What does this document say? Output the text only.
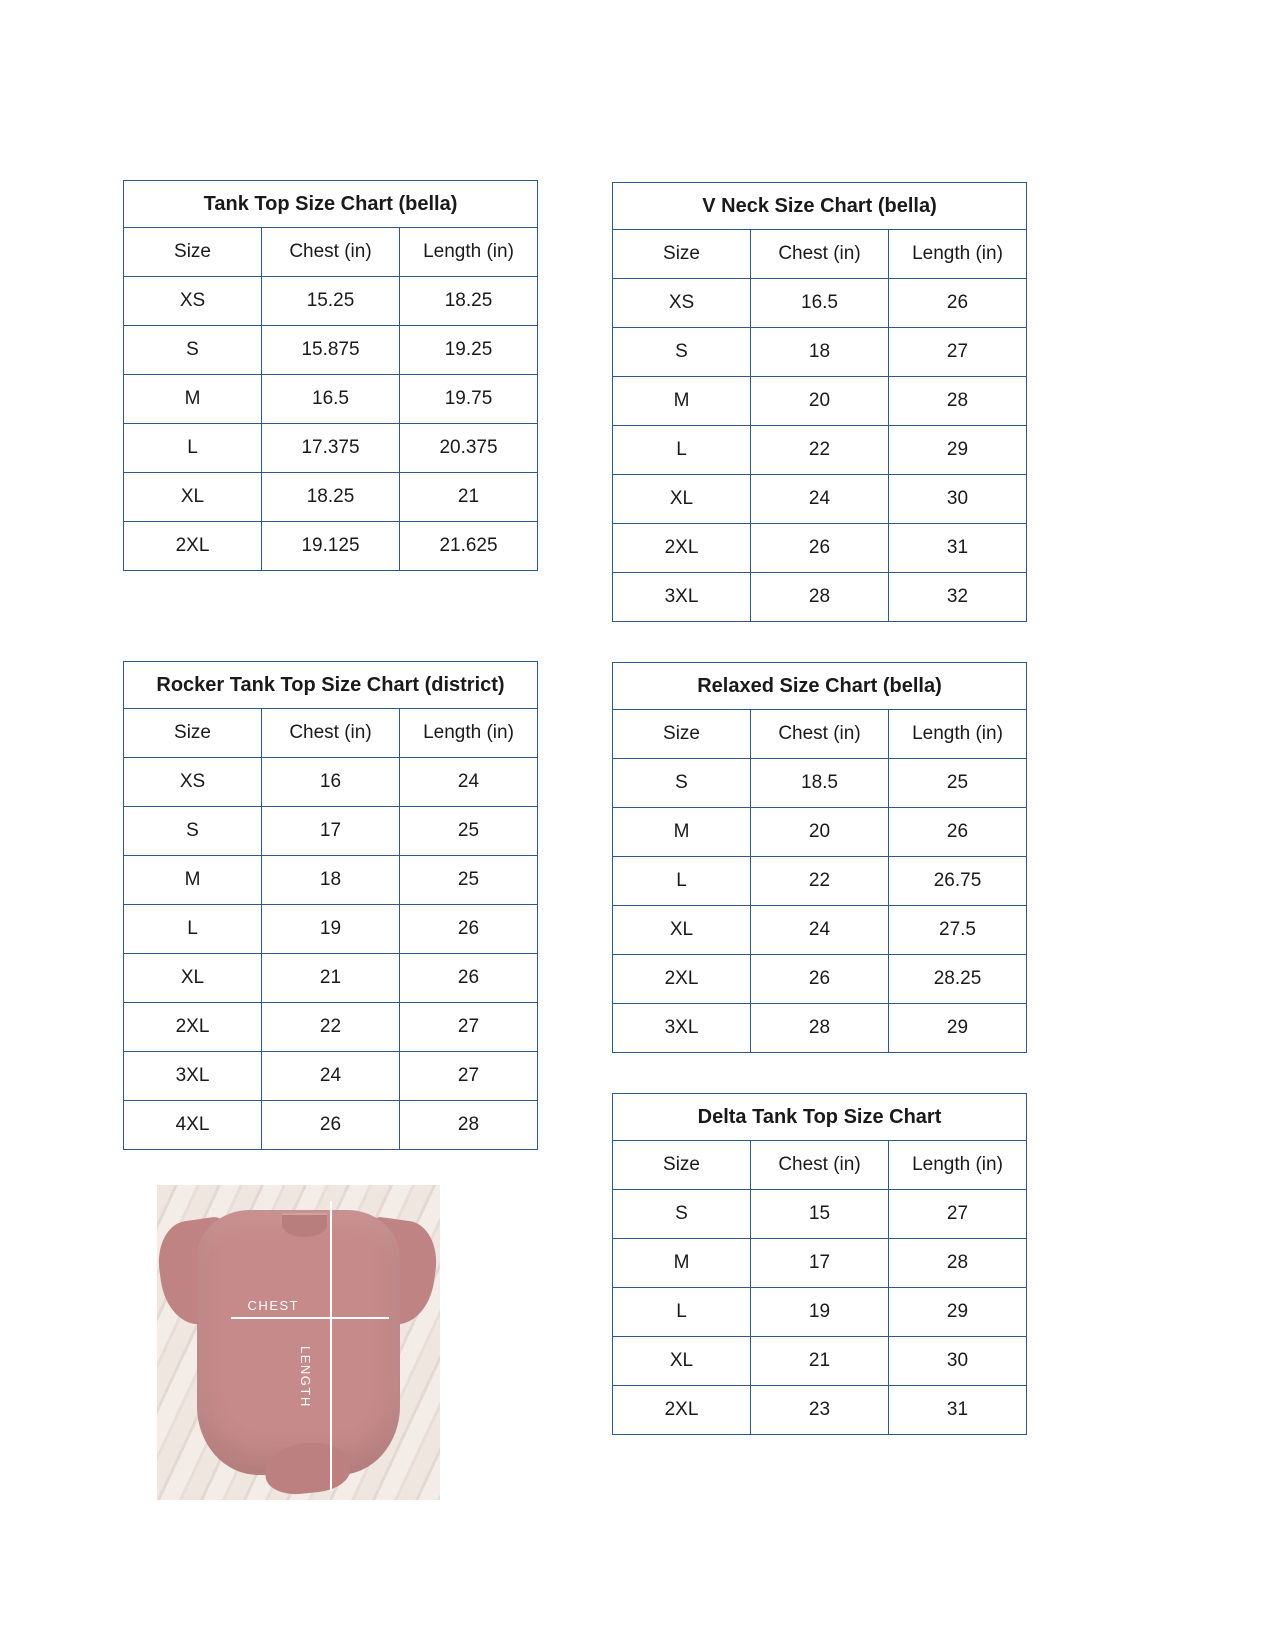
Tank Top Size Chart (bella)		
Size	Chest (in)	Length (in)
XS	15.25	18.25
S	15.875	19.25
M	16.5	19.75
L	17.375	20.375
XL	18.25	21
2XL	19.125	21.625
Rocker Tank Top Size Chart (district)		
Size	Chest (in)	Length (in)
XS	16	24
S	17	25
M	18	25
L	19	26
XL	21	26
2XL	22	27
3XL	24	27
4XL	26	28
V Neck Size Chart (bella)		
Size	Chest (in)	Length (in)
XS	16.5	26
S	18	27
M	20	28
L	22	29
XL	24	30
2XL	26	31
3XL	28	32
Relaxed Size Chart (bella)		
Size	Chest (in)	Length (in)
S	18.5	25
M	20	26
L	22	26.75
XL	24	27.5
2XL	26	28.25
3XL	28	29
Delta Tank Top Size Chart		
Size	Chest (in)	Length (in)
S	15	27
M	17	28
L	19	29
XL	21	30
2XL	23	31
CHEST
LENGTH
